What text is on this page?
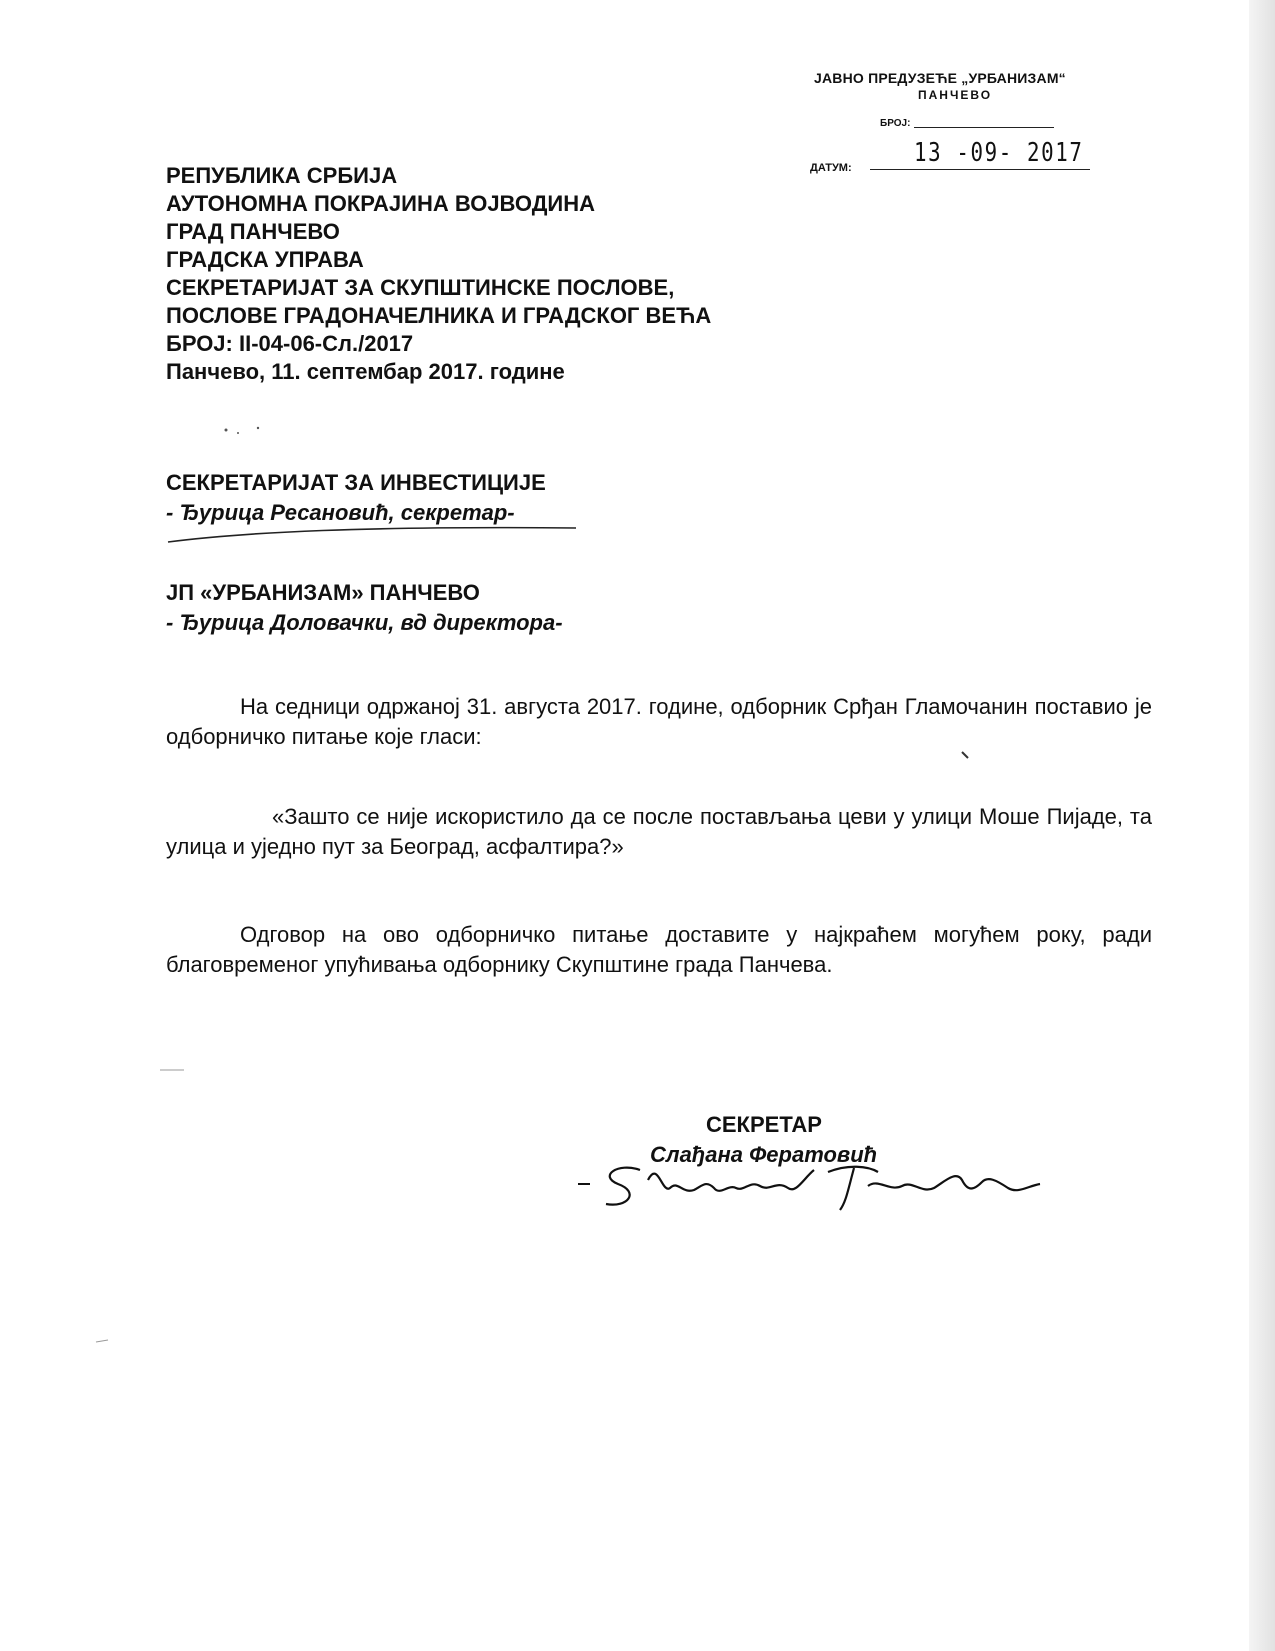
ЈАВНО ПРЕДУЗЕЋЕ „УРБАНИЗАМ“
ПАНЧЕВО
БРОЈ:
13 -09- 2017
ДАТУМ:
РЕПУБЛИКА СРБИЈА
АУТОНОМНА ПОКРАЈИНА ВОЈВОДИНА
ГРАД ПАНЧЕВО
ГРАДСКА УПРАВА
СЕКРЕТАРИЈАТ ЗА СКУПШТИНСКЕ ПОСЛОВЕ,
ПОСЛОВЕ ГРАДОНАЧЕЛНИКА И ГРАДСКОГ ВЕЋА
БРОЈ: II-04-06-Сл./2017
Панчево, 11. септембар 2017. године
СЕКРЕТАРИЈАТ ЗА ИНВЕСТИЦИЈЕ
- Ђурица Ресановић, секретар-
ЈП «УРБАНИЗАМ» ПАНЧЕВО
- Ђурица Доловачки, вд директора-
На седници одржаној 31. августа 2017. године, одборник Срђан Гламочанин поставио је одборничко питање које гласи:
«Зашто се није искористило да се после постављања цеви у улици Моше Пијаде, та улица и уједно пут за Београд, асфалтира?»
Одговор на ово одборничко питање доставите у најкраћем могућем року, ради благовременог упућивања одборнику Скупштине града Панчева.
СЕКРЕТАР
Слађана Фератовић
